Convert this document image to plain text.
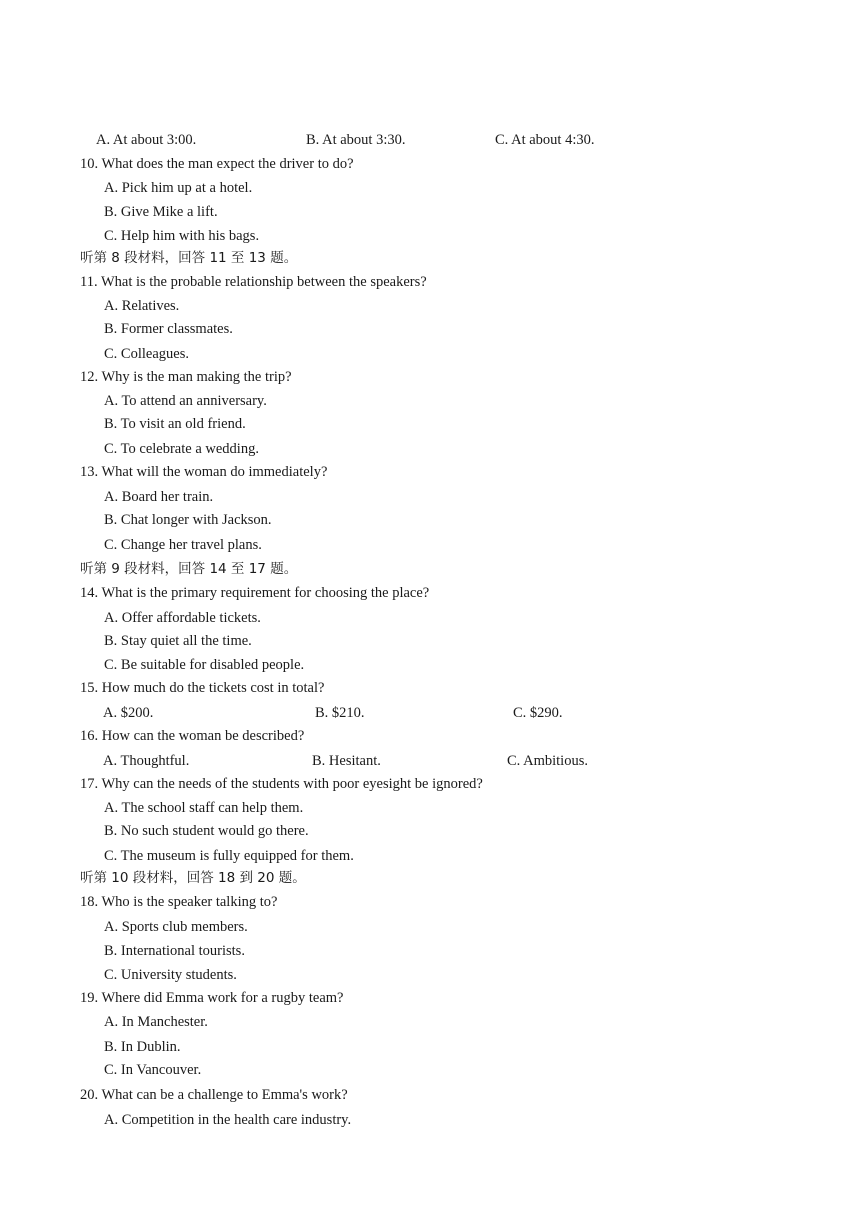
A. At about 3:00.	B. At about 3:30.	C. At about 4:30.
10. What does the man expect the driver to do?
A. Pick him up at a hotel.
B. Give Mike a lift.
C. Help him with his bags.
听第 8 段材料，回答 11 至 13 题。
11. What is the probable relationship between the speakers?
A. Relatives.
B. Former classmates.
C. Colleagues.
12. Why is the man making the trip?
A. To attend an anniversary.
B. To visit an old friend.
C. To celebrate a wedding.
13. What will the woman do immediately?
A. Board her train.
B. Chat longer with Jackson.
C. Change her travel plans.
听第 9 段材料，回答 14 至 17 题。
14. What is the primary requirement for choosing the place?
A. Offer affordable tickets.
B. Stay quiet all the time.
C. Be suitable for disabled people.
15. How much do the tickets cost in total?
A. $200.	B. $210.	C. $290.
16. How can the woman be described?
A. Thoughtful.	B. Hesitant.	C. Ambitious.
17. Why can the needs of the students with poor eyesight be ignored?
A. The school staff can help them.
B. No such student would go there.
C. The museum is fully equipped for them.
听第 10 段材料，回答 18 到 20 题。
18. Who is the speaker talking to?
A. Sports club members.
B. International tourists.
C. University students.
19. Where did Emma work for a rugby team?
A. In Manchester.
B. In Dublin.
C. In Vancouver.
20. What can be a challenge to Emma's work?
A. Competition in the health care industry.
